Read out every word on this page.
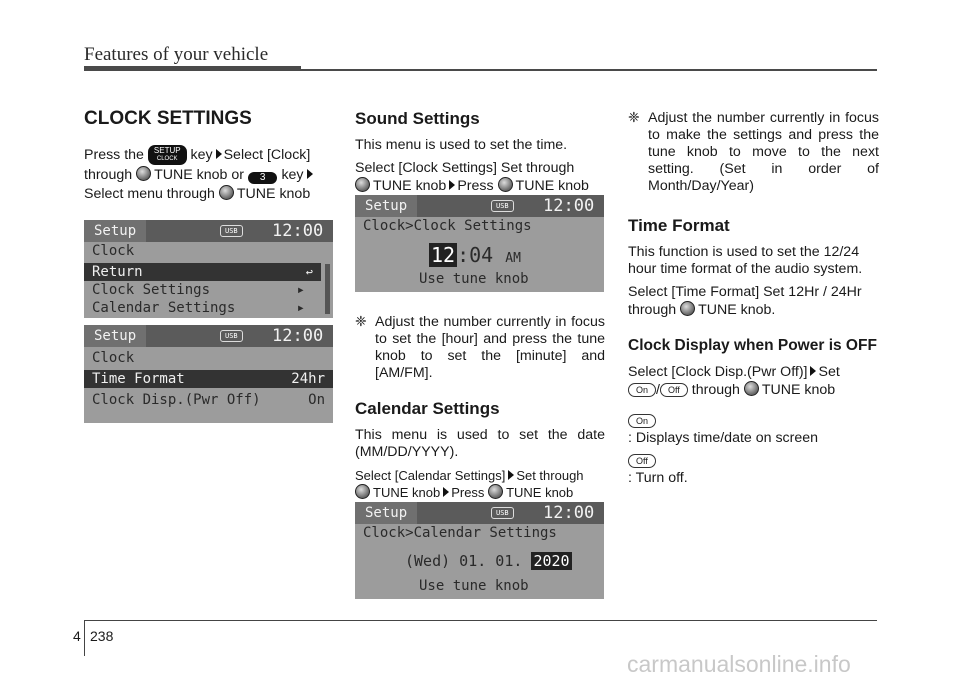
Features of your vehicle
CLOCK SETTINGS

Press the SETUP
CLOCK key Select [Clock]

through TUNE knob or 3 key

Select menu through TUNE knob

Setup	USB 12:00
Clock
Return	↩
Clock Settings	▸
Calendar Settings	▸
Setup	USB 12:00
Clock
Time Format	24hr
Clock Disp.(Pwr Off)	On
Sound Settings

This menu is used to set the time.

Select [Clock Settings] Set through
TUNE knob Press TUNE knob

Setup	USB 12:00
Clock>Clock Settings
12 :04 AM
Use tune knob
❈ Adjust the number currently in focus to set the [hour] and press the tune knob to set the [minute] and [AM/FM].
Calendar Settings

This menu is used to set the date (MM/DD/YYYY).

Select [Calendar Settings] Set through
TUNE knob Press TUNE knob

Setup	USB 12:00
Clock>Calendar Settings
(Wed) 01. 01. 2020
Use tune knob
❈ Adjust the number currently in focus to make the settings and press the tune knob to move to the next setting. (Set in order of Month/Day/Year)
Time Format

This function is used to set the 12/24 hour time format of the audio system.

Select [Time Format] Set 12Hr / 24Hr
through TUNE knob.

Clock Display when Power is OFF

Select [Clock Disp.(Pwr Off)] Set
On / Off through TUNE knob

On
: Displays time/date on screen

Off
: Turn off.

4 238
carmanualsonline.info
